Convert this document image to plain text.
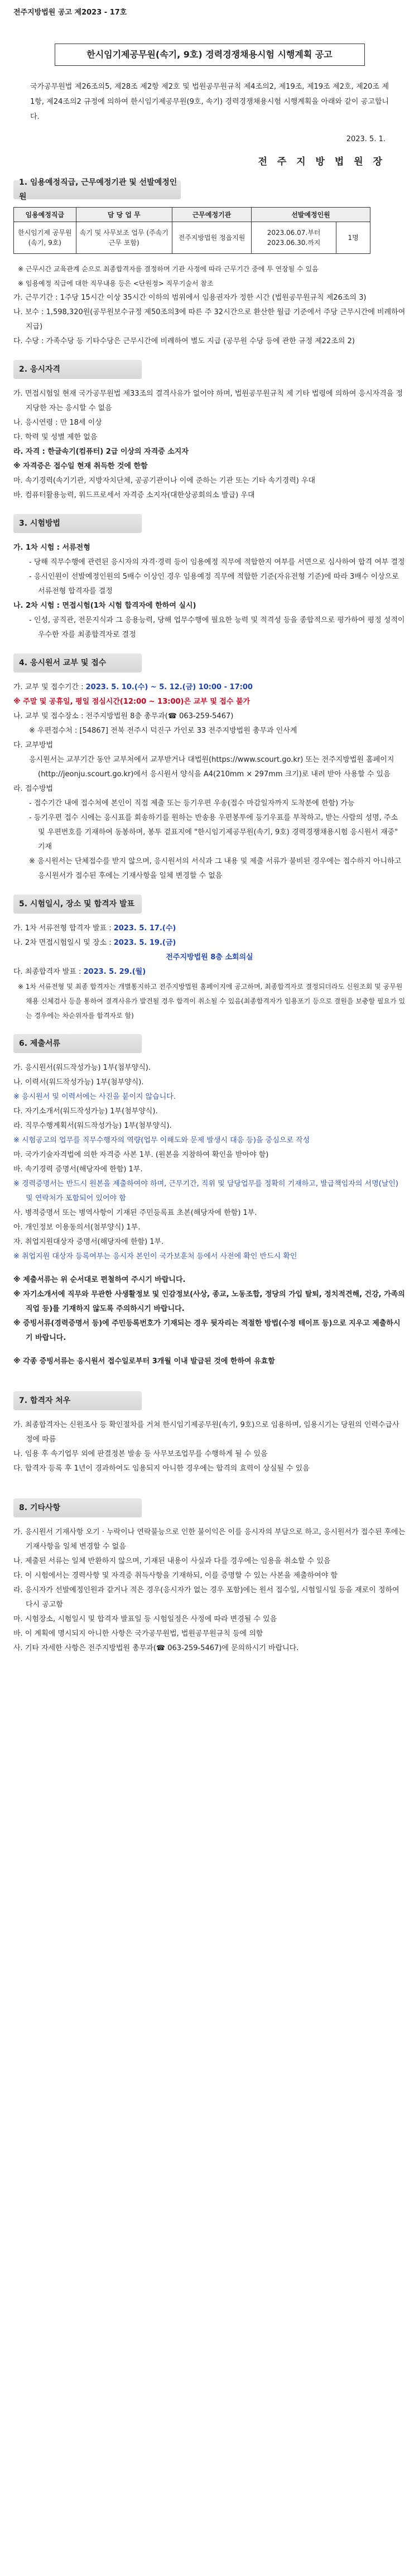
전주지방법원 공고 제2023 - 17호
한시임기제공무원(속기, 9호) 경력경쟁채용시험 시행계획 공고
국가공무원법 제26조의5, 제28조 제2항 제2호 및 법원공무원규칙 제4조의2, 제19조, 제19조 제2호, 제20조 제1항, 제24조의2 규정에 의하여 한시임기제공무원(9호, 속기) 경력경쟁채용시험 시행계획을 아래와 같이 공고합니다.
2023. 5. 1.
전 주 지 방 법 원 장
1. 임용예정직급, 근무예정기관 및 선발예정인원
임용예정직급	담 당 업 무	근무예정기관	선발예정인원	
한시임기제 공무원 (속기, 9호)	속기 및 사무보조 업무 (주속기 근무 포함)	전주지방법원 정읍지원	2023.06.07.부터 2023.06.30.까지	1명
※ 근무시간 교육관계 순으로 최종합격자를 결정하며 기관 사정에 따라 근무기간 중에 투 연장될 수 있음
※ 임용예정 직급에 대한 직무내용 등은 <단원정> 직무기술서 참조
가. 근무기간 : 1주당 15시간 이상 35시간 이하의 범위에서 임용권자가 정한 시간 (법원공무원규칙 제26조의 3)
나. 보수 : 1,598,320원(공무원보수규정 제50조의3에 따른 주 32시간으로 환산한 월급 기준에서 주당 근무시간에 비례하여 지급)
다. 수당 : 가족수당 등 기타수당은 근무시간에 비례하여 별도 지급 (공무원 수당 등에 관한 규정 제22조의 2)
2. 응시자격
가. 면접시험일 현재 국가공무원법 제33조의 결격사유가 없어야 하며, 법원공무원규칙 제 기타 법령에 의하여 응시자격을 정지당한 자는 응시할 수 없음
나. 응시연령 : 만 18세 이상
다. 학력 및 성별 제한 없음
라. 자격 : 한글속기(컴퓨터) 2급 이상의 자격증 소지자
※ 자격증은 접수일 현재 취득한 것에 한함
마. 속기경력(속기기관, 지방자치단체, 공공기관이나 이에 준하는 기관 또는 기타 속기경력) 우대
바. 컴퓨터활용능력, 워드프로세서 자격증 소지자(대한상공회의소 발급) 우대
3. 시험방법
가. 1차 시험 : 서류전형
- 당해 직무수행에 관련된 응시자의 자격·경력 등이 임용예정 직무에 적합한지 여부를 서면으로 심사하여 합격 여부 결정
- 응시인원이 선발예정인원의 5배수 이상인 경우 임용예정 직무에 적합한 기준(자유전형 기준)에 따라 3배수 이상으로 서류전형 합격자를 결정
나. 2차 시험 : 면접시험(1차 시험 합격자에 한하여 실시)
- 인성, 공직관, 전문지식과 그 응용능력, 당해 업무수행에 필요한 능력 및 적격성 등을 종합적으로 평가하여 평정 성적이 우수한 자를 최종합격자로 결정
4. 응시원서 교부 및 접수
가. 교부 및 접수기간 : 2023. 5. 10.(수) ~ 5. 12.(금) 10:00 - 17:00
※ 주말 및 공휴일, 평일 점심시간(12:00 ~ 13:00)은 교부 및 접수 불가
나. 교부 및 접수장소 : 전주지방법원 8층 총무과(☎ 063-259-5467)
※ 우편접수처 : [54867] 전북 전주시 덕진구 가인로 33 전주지방법원 총무과 인사계
다. 교부방법
응시원서는 교부기간 동안 교부처에서 교부받거나 대법원(https://www.scourt.go.kr) 또는 전주지방법원 홈페이지(http://jeonju.scourt.go.kr)에서 응시원서 양식을 A4(210mm × 297mm 크기)로 내려 받아 사용할 수 있음
라. 접수방법
- 접수기간 내에 접수처에 본인이 직접 제출 또는 등기우편 우송(접수 마감일자까지 도착분에 한함) 가능
- 등기우편 접수 시에는 응시표를 회송하기를 원하는 반송용 우편봉투에 등기우표를 부착하고, 받는 사람의 성명, 주소 및 우편번호를 기재하여 동봉하며, 봉투 겉표지에 "한시임기제공무원(속기, 9호) 경력경쟁채용시험 응시원서 재중" 기재
※ 응시원서는 단체접수를 받지 않으며, 응시원서의 서식과 그 내용 및 제출 서류가 불비된 경우에는 접수하지 아니하고 응시원서가 접수된 후에는 기재사항을 일체 변경할 수 없음
5. 시험일시, 장소 및 합격자 발표
가. 1차 서류전형 합격자 발표 : 2023. 5. 17.(수)
나. 2차 면접시험일시 및 장소 : 2023. 5. 19.(금)
전주지방법원 8층 소회의실
다. 최종합격자 발표 : 2023. 5. 29.(월)
※ 1차 서류전형 및 최종 합격자는 개별통지하고 전주지방법원 홈페이지에 공고하며, 최종합격자로 결정되더라도 신원조회 및 공무원 채용 신체검사 등을 통하여 결격사유가 발견될 경우 합격이 취소될 수 있음(최종합격자가 임용포기 등으로 결원을 보충할 필요가 있는 경우에는 차순위자를 합격자로 함)
6. 제출서류
가. 응시원서(워드작성가능) 1부(첨부양식).
나. 이력서(워드작성가능) 1부(첨부양식).
※ 응시원서 및 이력서에는 사진을 붙이지 않습니다.
다. 자기소개서(워드작성가능) 1부(첨부양식).
라. 직무수행계획서(워드작성가능) 1부(첨부양식).
※ 시험공고의 업무를 직무수행자의 역량(업무 이해도와 문제 발생시 대응 등)을 중심으로 작성
마. 국가기술자격법에 의한 자격증 사본 1부. (원본을 지참하여 확인을 받아야 함)
바. 속기경력 증명서(해당자에 한함) 1부.
※ 경력증명서는 반드시 원본을 제출하여야 하며, 근무기간, 직위 및 담당업무를 정확히 기재하고, 발급책임자의 서명(날인) 및 연락처가 포함되어 있어야 함
사. 병적증명서 또는 병역사항이 기재된 주민등록표 초본(해당자에 한함) 1부.
아. 개인정보 이용동의서(첨부양식) 1부.
자. 취업지원대상자 증명서(해당자에 한함) 1부.
※ 취업지원 대상자 등록여부는 응시자 본인이 국가보훈처 등에서 사전에 확인 반드시 확인
※ 제출서류는 위 순서대로 편철하여 주시기 바랍니다.
※ 자기소개서에 직무와 무관한 사생활정보 및 인감정보(사상, 종교, 노동조합, 정당의 가입 탈퇴, 정치적견해, 건강, 가족의 직업 등)를 기재하지 않도록 주의하시기 바랍니다.
※ 증빙서류(경력증명서 등)에 주민등록번호가 기재되는 경우 뒷자리는 적절한 방법(수정 테이프 등)으로 지우고 제출하시기 바랍니다.
※ 각종 증빙서류는 응시원서 접수일로부터 3개월 이내 발급된 것에 한하여 유효함
7. 합격자 처우
가. 최종합격자는 신원조사 등 확인절차를 거쳐 한시임기제공무원(속기, 9호)으로 임용하며, 임용시기는 당원의 인력수급사정에 따름
나. 임용 후 속기업무 외에 판결정본 발송 등 사무보조업무를 수행하게 될 수 있음
다. 합격자 등록 후 1년이 경과하여도 임용되지 아니한 경우에는 합격의 효력이 상실될 수 있음
8. 기타사항
가. 응시원서 기재사항 오기 · 누락이나 연락불능으로 인한 불이익은 이를 응시자의 부담으로 하고, 응시원서가 접수된 후에는 기재사항을 일체 변경할 수 없음
나. 제출된 서류는 일체 반환하지 않으며, 기재된 내용이 사실과 다를 경우에는 임용을 취소할 수 있음
다. 이 시험에서는 경력사항 및 자격증 취득사항을 기재하되, 이를 증명할 수 있는 사본을 제출하여야 함
라. 응시자가 선발예정인원과 같거나 적은 경우(응시자가 없는 경우 포함)에는 원서 접수일, 시험일시일 등을 재로이 정하여 다시 공고함
마. 시험장소, 시험일시 및 합격자 발표일 등 시험일정은 사정에 따라 변경될 수 있음
바. 이 계획에 명시되지 아니한 사항은 국가공무원법, 법원공무원규칙 등에 의함
사. 기타 자세한 사항은 전주지방법원 총무과(☎ 063-259-5467)에 문의하시기 바랍니다.
